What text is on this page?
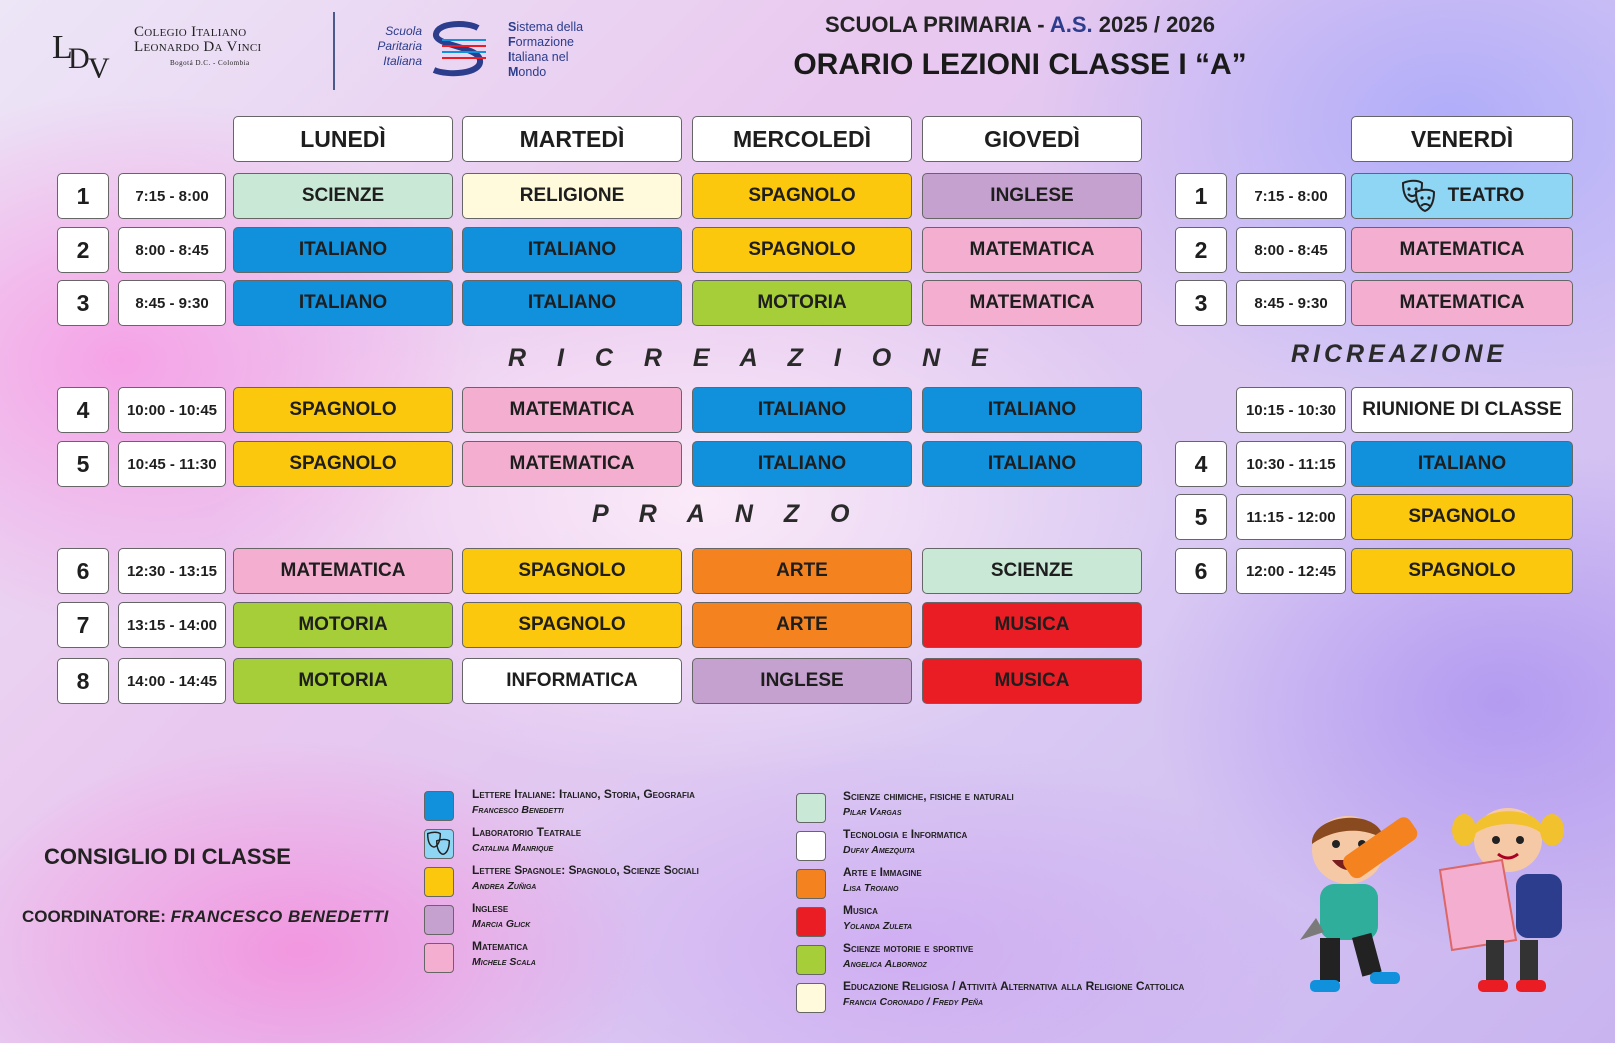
L
D
V
Colegio Italiano
Leonardo Da Vinci
Bogotá D.C. - Colombia
Scuola
Paritaria
Italiana
Sistema della
Formazione
Italiana nel
Mondo
SCUOLA PRIMARIA - A.S. 2025 / 2026
ORARIO LEZIONI CLASSE I “A”
LUNEDÌ	MARTEDÌ	MERCOLEDÌ	GIOVEDÌ	VENERDÌ
1	7:15 - 8:00	SCIENZE	RELIGIONE	SPAGNOLO	INGLESE
2	8:00 - 8:45	ITALIANO	ITALIANO	SPAGNOLO	MATEMATICA
3	8:45 - 9:30	ITALIANO	ITALIANO	MOTORIA	MATEMATICA
4	10:00 - 10:45	SPAGNOLO	MATEMATICA	ITALIANO	ITALIANO
5	10:45 - 11:30	SPAGNOLO	MATEMATICA	ITALIANO	ITALIANO
6	12:30 - 13:15	MATEMATICA	SPAGNOLO	ARTE	SCIENZE
7	13:15 - 14:00	MOTORIA	SPAGNOLO	ARTE	MUSICA
8	14:00 - 14:45	MOTORIA	INFORMATICA	INGLESE	MUSICA
R I C R E A Z I O N E
P R A N Z O
RICREAZIONE
1	7:15 - 8:00	TEATRO
2	8:00 - 8:45	MATEMATICA
3	8:45 - 9:30	MATEMATICA
10:15 - 10:30	RIUNIONE DI CLASSE
4	10:30 - 11:15	ITALIANO
5	11:15 - 12:00	SPAGNOLO
6	12:00 - 12:45	SPAGNOLO
Lettere Italiane: Italiano, Storia, Geografia
Francesco Benedetti
Laboratorio Teatrale
Catalina Manrique
Lettere Spagnole: Spagnolo, Scienze Sociali
Andrea Zuñiga
Inglese
Marcia Glick
Matematica
Michele Scala
Scienze chimiche, fisiche e naturali
Pilar Vargas
Tecnologia e Informatica
Dufay Amezquita
Arte e Immagine
Lisa Troiano
Musica
Yolanda Zuleta
Scienze motorie e sportive
Angelica Albornoz
Educazione Religiosa / Attività Alternativa alla Religione Cattolica
Francia Coronado / Fredy Peña
CONSIGLIO DI CLASSE
COORDINATORE: FRANCESCO BENEDETTI
